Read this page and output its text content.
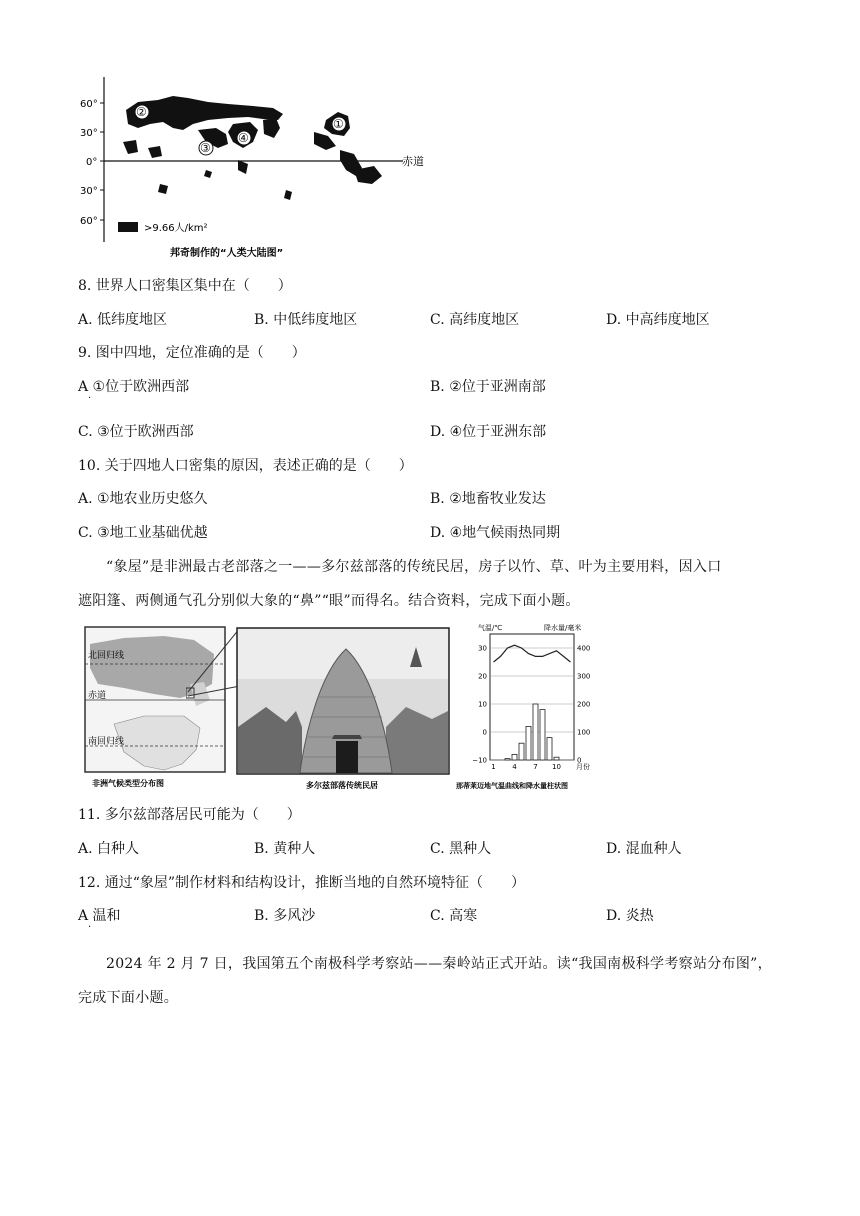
60°
30°
0°
30°
60°
赤道
②
③
④
①
>9.66人/km²
邦奇制作的“人类大陆图”
8. 世界人口密集区集中在（　　）
A. 低纬度地区	B. 中低纬度地区	C. 高纬度地区	D. 中高纬度地区
9. 图中四地，定位准确的是（　　）
A ①位于欧洲西部
·
B. ②位于亚洲南部
C. ③位于欧洲西部	D. ④位于亚洲东部
10. 关于四地人口密集的原因，表述正确的是（　　）
A. ①地农业历史悠久	B. ②地畜牧业发达
C. ③地工业基础优越	D. ④地气候雨热同期
“象屋”是非洲最古老部落之一——多尔兹部落的传统民居，房子以竹、草、叶为主要用料，因入口
遮阳篷、两侧通气孔分别似大象的“鼻”“眼”而得名。结合资料，完成下面小题。
北回归线
赤道
南回归线
非洲气候类型分布图	多尔兹部落传统民居
气温/℃	降水量/毫米
30
20
10
0
−10
400
300
200
100
0
1 4 7 10 月份
那蒂莱迈地气温曲线和降水量柱状图
11. 多尔兹部落居民可能为（　　）
A. 白种人	B. 黄种人	C. 黑种人	D. 混血种人
12. 通过“象屋”制作材料和结构设计，推断当地的自然环境特征（　　）
A 温和
·
B. 多风沙	C. 高寒	D. 炎热
2024 年 2 月 7 日，我国第五个南极科学考察站——秦岭站正式开站。读“我国南极科学考察站分布图”，
完成下面小题。
